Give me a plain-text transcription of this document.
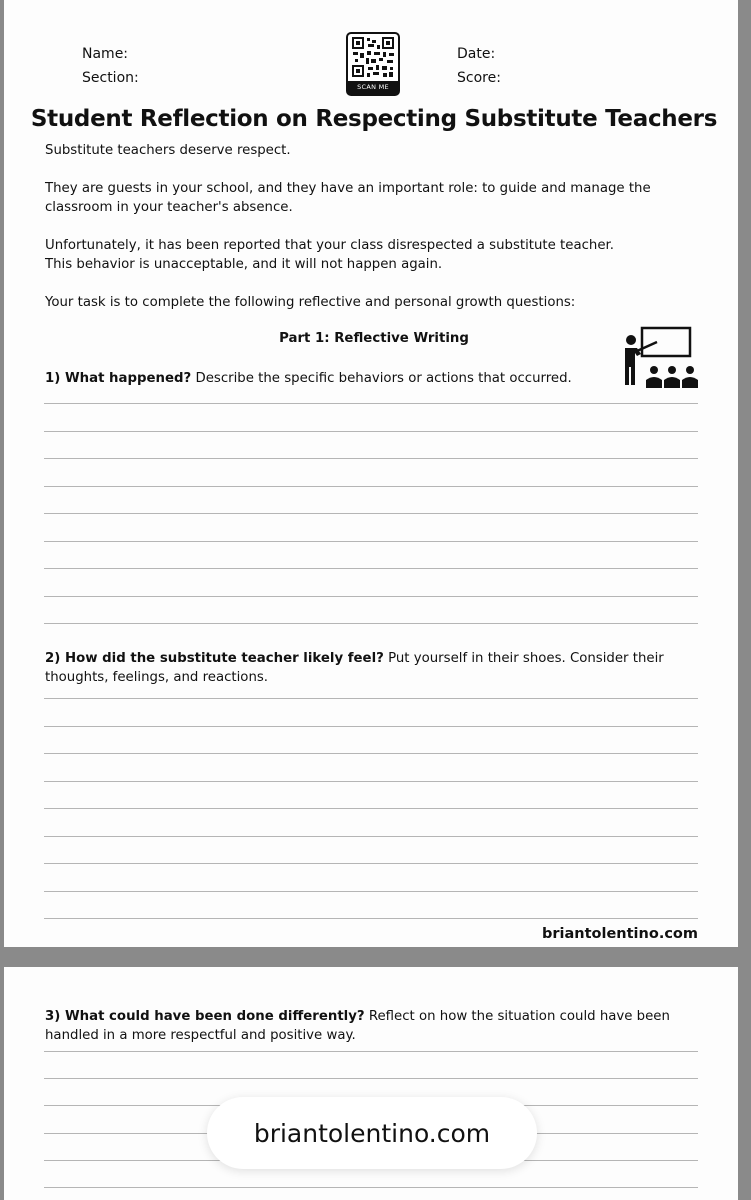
Name:
Section:
Date:
Score:
SCAN ME
Student Reflection on Respecting Substitute Teachers
Substitute teachers deserve respect.
They are guests in your school, and they have an important role: to guide and manage the
classroom in your teacher's absence.
Unfortunately, it has been reported that your class disrespected a substitute teacher.
This behavior is unacceptable, and it will not happen again.
Your task is to complete the following reflective and personal growth questions:
Part 1: Reflective Writing
1) What happened? Describe the specific behaviors or actions that occurred.
2) How did the substitute teacher likely feel? Put yourself in their shoes. Consider their
thoughts, feelings, and reactions.
briantolentino.com
3) What could have been done differently? Reflect on how the situation could have been
handled in a more respectful and positive way.
briantolentino.com
